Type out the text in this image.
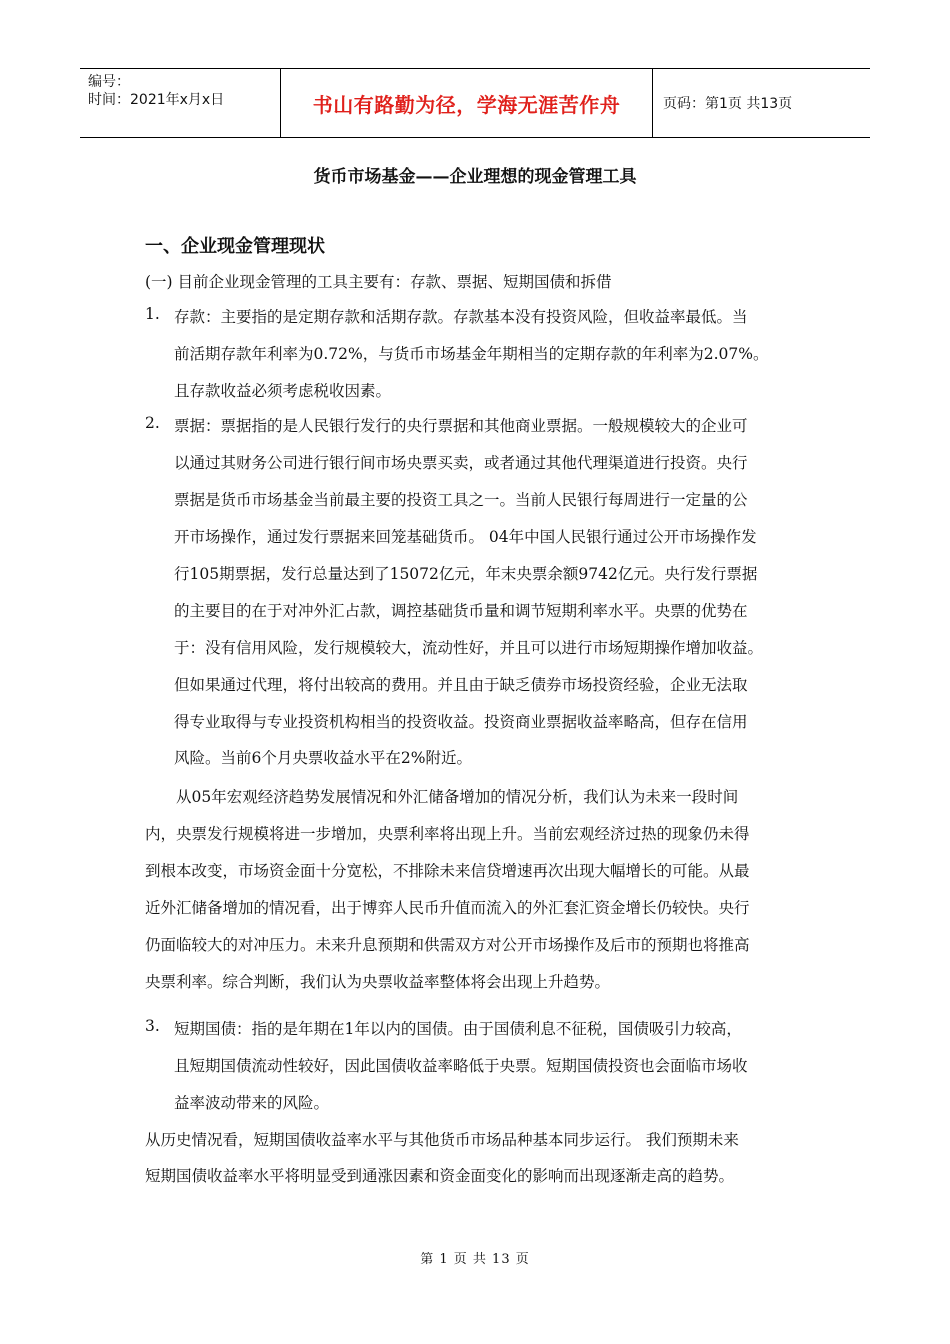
编号：
时间：2021年x月x日	书山有路勤为径，学海无涯苦作舟	页码：第1页 共13页
货币市场基金——企业理想的现金管理工具
一、企业现金管理现状
(一) 目前企业现金管理的工具主要有：存款、票据、短期国债和拆借
1. 存款：主要指的是定期存款和活期存款。存款基本没有投资风险，但收益率最低。当
前活期存款年利率为0.72%，与货币市场基金年期相当的定期存款的年利率为2.07%。
且存款收益必须考虑税收因素。
2. 票据：票据指的是人民银行发行的央行票据和其他商业票据。一般规模较大的企业可
以通过其财务公司进行银行间市场央票买卖，或者通过其他代理渠道进行投资。央行
票据是货币市场基金当前最主要的投资工具之一。当前人民银行每周进行一定量的公
开市场操作，通过发行票据来回笼基础货币。 04年中国人民银行通过公开市场操作发
行105期票据，发行总量达到了15072亿元，年末央票余额9742亿元。央行发行票据
的主要目的在于对冲外汇占款，调控基础货币量和调节短期利率水平。央票的优势在
于：没有信用风险，发行规模较大，流动性好，并且可以进行市场短期操作增加收益。
但如果通过代理，将付出较高的费用。并且由于缺乏债券市场投资经验，企业无法取
得专业取得与专业投资机构相当的投资收益。投资商业票据收益率略高，但存在信用
风险。当前6个月央票收益水平在2%附近。
从05年宏观经济趋势发展情况和外汇储备增加的情况分析，我们认为未来一段时间
内，央票发行规模将进一步增加，央票利率将出现上升。当前宏观经济过热的现象仍未得
到根本改变，市场资金面十分宽松，不排除未来信贷增速再次出现大幅增长的可能。从最
近外汇储备增加的情况看，出于博弈人民币升值而流入的外汇套汇资金增长仍较快。央行
仍面临较大的对冲压力。未来升息预期和供需双方对公开市场操作及后市的预期也将推高
央票利率。综合判断，我们认为央票收益率整体将会出现上升趋势。
3. 短期国债：指的是年期在1年以内的国债。由于国债利息不征税，国债吸引力较高，
且短期国债流动性较好，因此国债收益率略低于央票。短期国债投资也会面临市场收
益率波动带来的风险。
从历史情况看，短期国债收益率水平与其他货币市场品种基本同步运行。 我们预期未来
短期国债收益率水平将明显受到通涨因素和资金面变化的影响而出现逐渐走高的趋势。
第 1 页 共 13 页
